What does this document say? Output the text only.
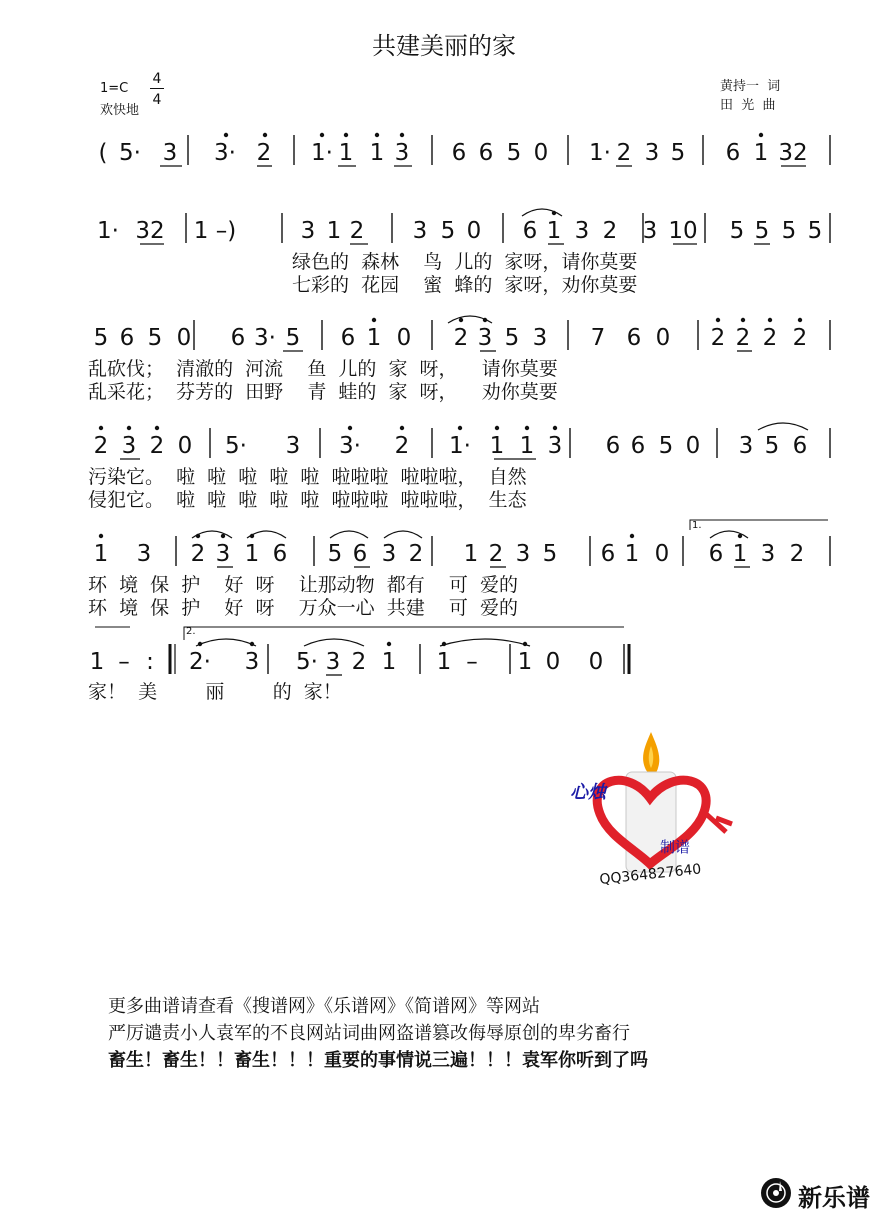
共建美丽的家
1=C
4
4
欢快地
黄持一  词
田  光  曲
( 5· 3 3· 2 1· 1 1 3 6 6 5 0 1· 2 3 5 6 1 32
1· 32 1 –)	3 1 2 3 5 0 6 1 3 2 3 10 5 5 5 5
绿色的  森林    鸟  儿的  家呀，请你莫要
七彩的  花园    蜜  蜂的  家呀，劝你莫要
5 6 5 0 6 3· 5 6 1 0 2 3 5 3 7 6 0 2 2 2 2
乱砍伐；  清澈的  河流    鱼  儿的  家  呀，    请你莫要
乱采花；  芬芳的  田野    青  蛙的  家  呀，    劝你莫要
2 3 2 0 5· 3 3· 2 1· 1 1 3 6 6 5 0 3 5 6
污染它。  啦  啦  啦  啦  啦  啦啦啦  啦啦啦，  自然
侵犯它。  啦  啦  啦  啦  啦  啦啦啦  啦啦啦，  生态
1 3 2 3 1 6 5 6 3 2 1 2 3 5 6 1 0 6 1 3 2
环  境  保  护    好  呀    让那动物  都有    可  爱的
环  境  保  护    好  呀    万众一心  共建    可  爱的
1 – : 2· 3 5· 3 2 1 1 – 1 0 0
家！  美        丽        的  家！
1.
2.
心烛
制谱
QQ364827640
更多曲谱请查看《搜谱网》《乐谱网》《简谱网》等网站
严厉谴责小人袁军的不良网站词曲网盗谱篡改侮辱原创的卑劣畜行
畜生！畜生！！畜生！！！重要的事情说三遍！！！袁军你听到了吗
新乐谱
